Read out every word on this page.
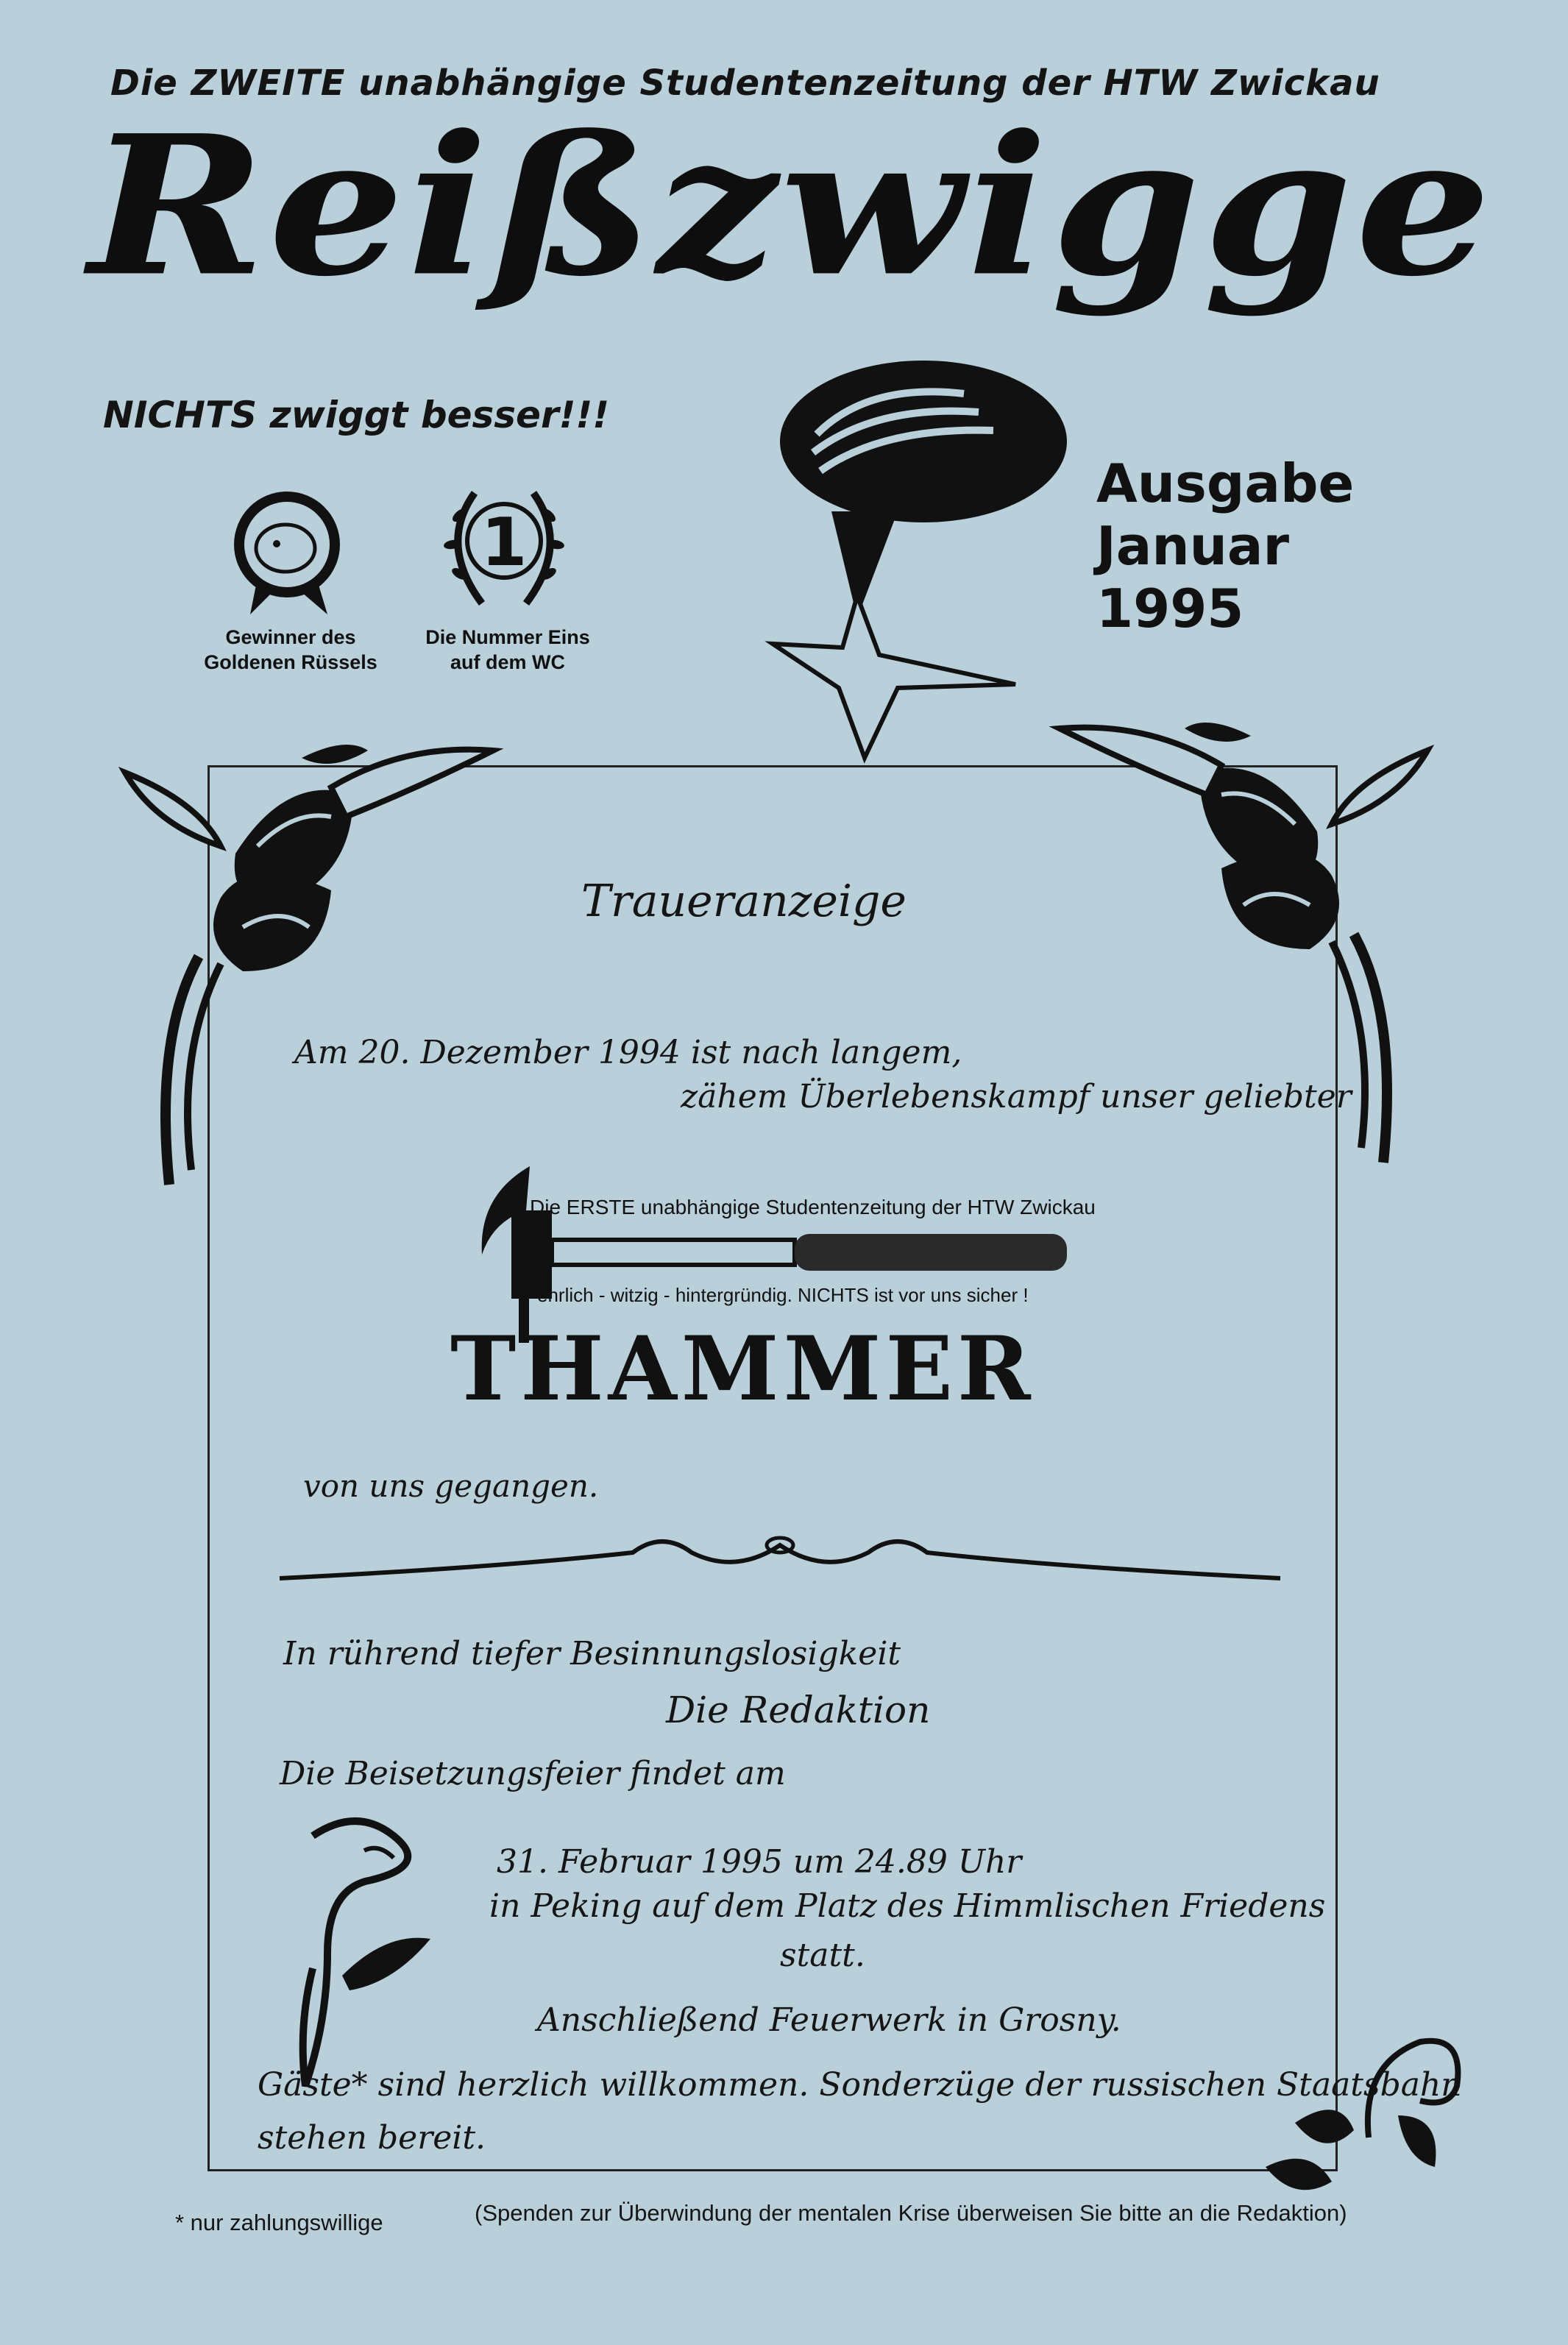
Die ZWEITE unabhängige Studentenzeitung der HTW Zwickau
Reißzwigge
NICHTS zwiggt besser!!!
Ausgabe
Januar
1995
Gewinner des
Goldenen Rüssels
1
Die Nummer Eins
auf dem WC
Traueranzeige
Am 20. Dezember 1994 ist nach langem,
zähem Überlebenskampf unser geliebter
Die ERSTE unabhängige Studentenzeitung der HTW Zwickau
ehrlich - witzig - hintergründig. NICHTS ist vor uns sicher !
THAMMER
von uns gegangen.
In rührend tiefer Besinnungslosigkeit
Die Redaktion
Die Beisetzungsfeier findet am
31. Februar 1995 um 24.89 Uhr
in Peking auf dem Platz des Himmlischen Friedens
statt.
Anschließend Feuerwerk in Grosny.
Gäste* sind herzlich willkommen. Sonderzüge der russischen Staatsbahn
stehen bereit.
* nur zahlungswillige	(Spenden zur Überwindung der mentalen Krise überweisen Sie bitte an die Redaktion)
